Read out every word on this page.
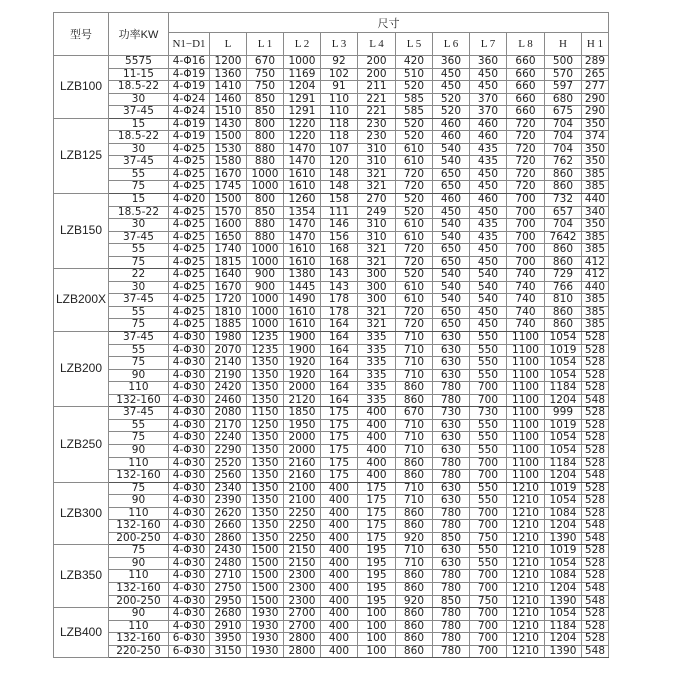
型号	功率KW	尺寸											
		N1−D1	L	L 1	L 2	L 3	L 4	L 5	L 6	L 7	L 8	H	H 1
LZB100	5575	4-Φ16	1200	670	1000	92	200	420	360	360	660	500	289
	11-15	4-Φ19	1360	750	1169	102	200	510	450	450	660	570	265
	18.5-22	4-Φ19	1410	750	1204	91	211	520	450	450	660	597	277
	30	4-Φ24	1460	850	1291	110	221	585	520	370	660	680	290
	37-45	4-Φ24	1510	850	1291	110	221	585	520	370	660	675	290
LZB125	15	4-Φ19	1430	800	1220	118	230	520	460	460	720	704	350
	18.5-22	4-Φ19	1500	800	1220	118	230	520	460	460	720	704	374
	30	4-Φ25	1530	880	1470	107	310	610	540	435	720	704	350
	37-45	4-Φ25	1580	880	1470	120	310	610	540	435	720	762	350
	55	4-Φ25	1670	1000	1610	148	321	720	650	450	720	860	385
	75	4-Φ25	1745	1000	1610	148	321	720	650	450	720	860	385
LZB150	15	4-Φ20	1500	800	1260	158	270	520	460	460	700	732	440
	18.5-22	4-Φ25	1570	850	1354	111	249	520	450	450	700	657	340
	30	4-Φ25	1600	880	1470	146	310	610	540	435	700	704	350
	37-45	4-Φ25	1650	880	1470	156	310	610	540	435	700	7642	385
	55	4-Φ25	1740	1000	1610	168	321	720	650	450	700	860	385
	75	4-Φ25	1815	1000	1610	168	321	720	650	450	700	860	412
LZB200X	22	4-Φ25	1640	900	1380	143	300	520	540	540	740	729	412
	30	4-Φ25	1670	900	1445	143	300	610	540	540	740	766	440
	37-45	4-Φ25	1720	1000	1490	178	300	610	540	540	740	810	385
	55	4-Φ25	1810	1000	1610	178	321	720	650	450	740	860	385
	75	4-Φ25	1885	1000	1610	164	321	720	650	450	740	860	385
LZB200	37-45	4-Φ30	1980	1235	1900	164	335	710	630	550	1100	1054	528
	55	4-Φ30	2070	1235	1900	164	335	710	630	550	1100	1019	528
	75	4-Φ30	2140	1350	1920	164	335	710	630	550	1100	1054	528
	90	4-Φ30	2190	1350	1920	164	335	710	630	550	1100	1054	528
	110	4-Φ30	2420	1350	2000	164	335	860	780	700	1100	1184	528
	132-160	4-Φ30	2460	1350	2120	164	335	860	780	700	1100	1204	548
LZB250	37-45	4-Φ30	2080	1150	1850	175	400	670	730	730	1100	999	528
	55	4-Φ30	2170	1250	1950	175	400	710	630	550	1100	1019	528
	75	4-Φ30	2240	1350	2000	175	400	710	630	550	1100	1054	528
	90	4-Φ30	2290	1350	2000	175	400	710	630	550	1100	1054	528
	110	4-Φ30	2520	1350	2160	175	400	860	780	700	1100	1184	528
	132-160	4-Φ30	2560	1350	2160	175	400	860	780	700	1100	1204	548
LZB300	75	4-Φ30	2340	1350	2100	400	175	710	630	550	1210	1019	528
	90	4-Φ30	2390	1350	2100	400	175	710	630	550	1210	1054	528
	110	4-Φ30	2620	1350	2250	400	175	860	780	700	1210	1084	528
	132-160	4-Φ30	2660	1350	2250	400	175	860	780	700	1210	1204	548
	200-250	4-Φ30	2860	1350	2250	400	175	920	850	750	1210	1390	548
LZB350	75	4-Φ30	2430	1500	2150	400	195	710	630	550	1210	1019	528
	90	4-Φ30	2480	1500	2150	400	195	710	630	550	1210	1054	528
	110	4-Φ30	2710	1500	2300	400	195	860	780	700	1210	1084	528
	132-160	4-Φ30	2750	1500	2300	400	195	860	780	700	1210	1204	548
	200-250	4-Φ30	2950	1500	2300	400	195	920	850	750	1210	1390	548
LZB400	90	4-Φ30	2680	1930	2700	400	100	860	780	700	1210	1054	528
	110	4-Φ30	2910	1930	2700	400	100	860	780	700	1210	1184	528
	132-160	6-Φ30	3950	1930	2800	400	100	860	780	700	1210	1204	528
	220-250	6-Φ30	3150	1930	2800	400	100	860	780	700	1210	1390	548
